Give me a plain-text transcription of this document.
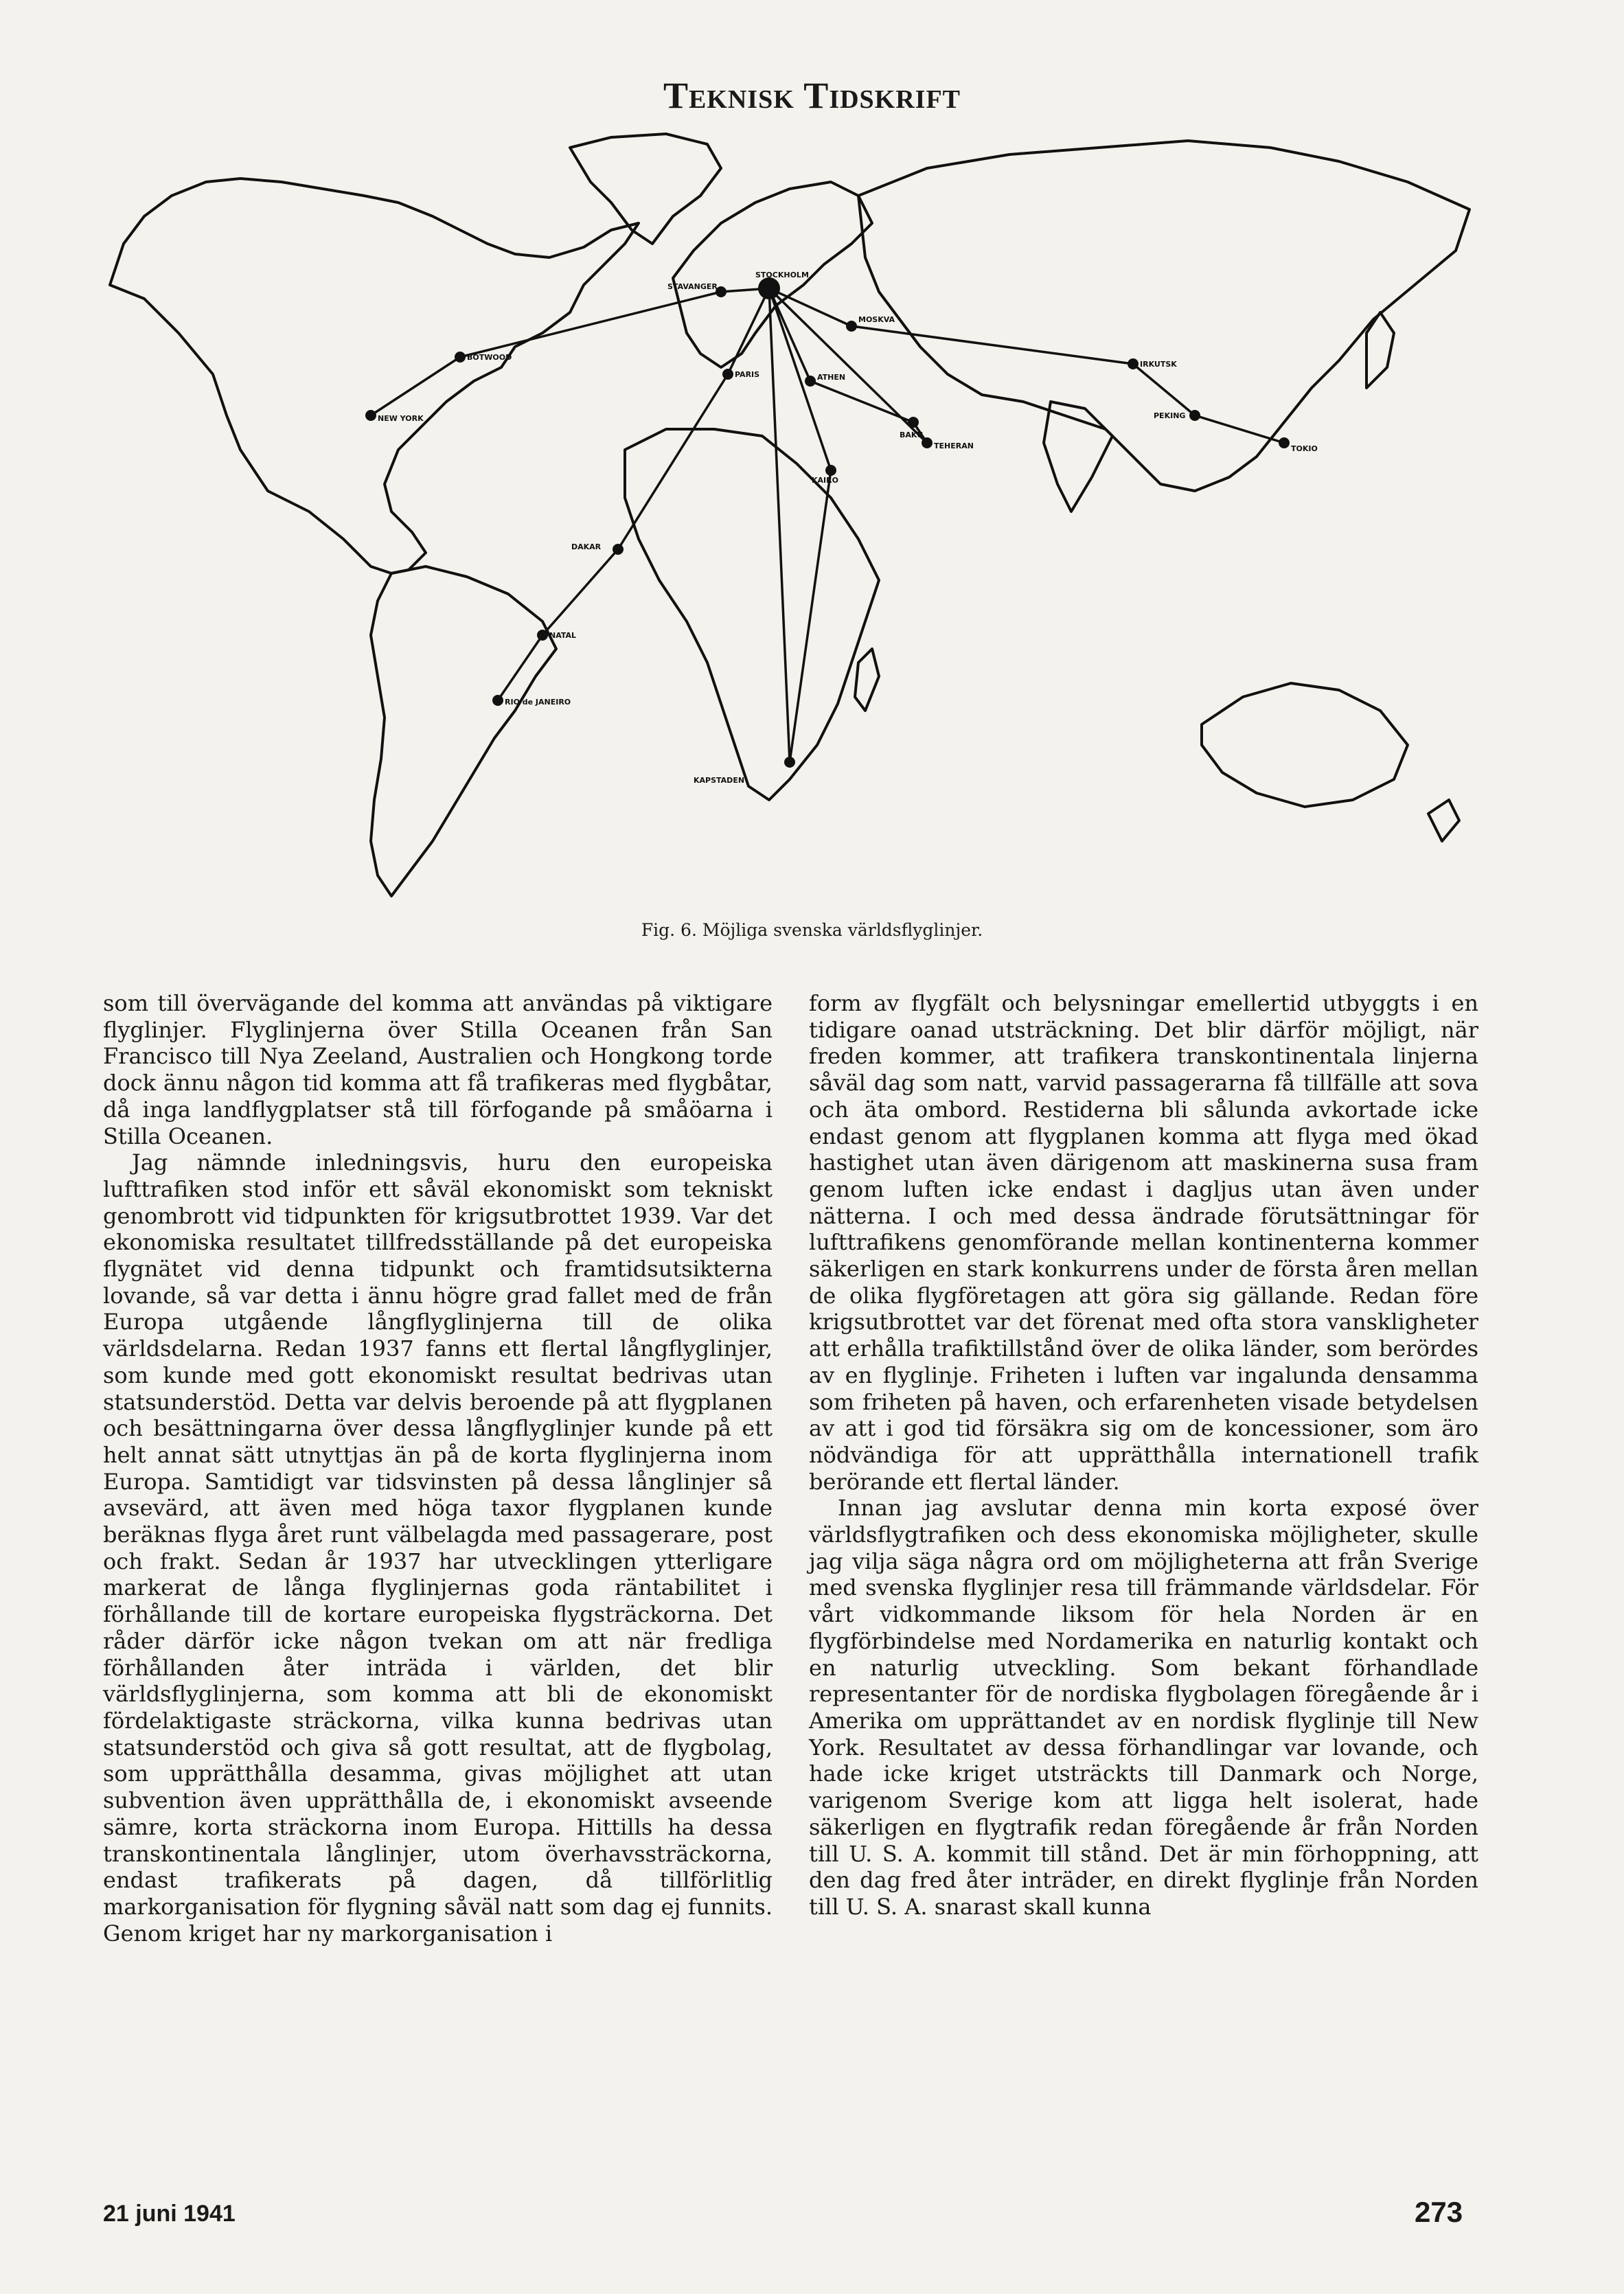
Teknisk Tidskrift
STOCKHOLM
STAVANGER
BOTWOOD
NEW YORK
PARIS
MOSKVA
IRKUTSK
PEKING
TOKIO
ATHEN
BAKU
TEHERAN
KAIRO
DAKAR
NATAL
RIO de JANEIRO
KAPSTADEN
Fig. 6. Möjliga svenska världsflyglinjer.

som till övervägande del komma att användas på viktigare flyglinjer. Flyglinjerna över Stilla Oceanen från San Francisco till Nya Zeeland, Australien och Hongkong torde dock ännu någon tid komma att få trafikeras med flygbåtar, då inga landflygplatser stå till förfogande på småöarna i Stilla Oceanen.

Jag nämnde inledningsvis, huru den europeiska lufttrafiken stod inför ett såväl ekonomiskt som tekniskt genombrott vid tidpunkten för krigsutbrottet 1939. Var det ekonomiska resultatet tillfredsställande på det europeiska flygnätet vid denna tidpunkt och framtidsutsikterna lovande, så var detta i ännu högre grad fallet med de från Europa utgående långflyglinjerna till de olika världsdelarna. Redan 1937 fanns ett flertal långflyglinjer, som kunde med gott ekonomiskt resultat bedrivas utan statsunderstöd. Detta var delvis beroende på att flygplanen och besättningarna över dessa långflyglinjer kunde på ett helt annat sätt utnyttjas än på de korta flyglinjerna inom Europa. Samtidigt var tidsvinsten på dessa långlinjer så avsevärd, att även med höga taxor flygplanen kunde beräknas flyga året runt välbelagda med passagerare, post och frakt. Sedan år 1937 har utvecklingen ytterligare markerat de långa flyglinjernas goda räntabilitet i förhållande till de kortare europeiska flygsträckorna. Det råder därför icke någon tvekan om att när fredliga förhållanden åter inträda i världen, det blir världsflyglinjerna, som komma att bli de ekonomiskt fördelaktigaste sträckorna, vilka kunna bedrivas utan statsunderstöd och giva så gott resultat, att de flygbolag, som upprätthålla desamma, givas möjlighet att utan subvention även upprätthålla de, i ekonomiskt avseende sämre, korta sträckorna inom Europa. Hittills ha dessa transkontinentala långlinjer, utom överhavssträckorna, endast trafikerats på dagen, då tillförlitlig markorganisation för flygning såväl natt som dag ej funnits. Genom kriget har ny markorganisation i

form av flygfält och belysningar emellertid utbyggts i en tidigare oanad utsträckning. Det blir därför möjligt, när freden kommer, att trafikera transkontinentala linjerna såväl dag som natt, varvid passagerarna få tillfälle att sova och äta ombord. Restiderna bli sålunda avkortade icke endast genom att flygplanen komma att flyga med ökad hastighet utan även därigenom att maskinerna susa fram genom luften icke endast i dagljus utan även under nätterna. I och med dessa ändrade förutsättningar för lufttrafikens genomförande mellan kontinenterna kommer säkerligen en stark konkurrens under de första åren mellan de olika flygföretagen att göra sig gällande. Redan före krigsutbrottet var det förenat med ofta stora vanskligheter att erhålla trafiktillstånd över de olika länder, som berördes av en flyglinje. Friheten i luften var ingalunda densamma som friheten på haven, och erfarenheten visade betydelsen av att i god tid försäkra sig om de koncessioner, som äro nödvändiga för att upprätthålla internationell trafik berörande ett flertal länder.

Innan jag avslutar denna min korta exposé över världsflygtrafiken och dess ekonomiska möjligheter, skulle jag vilja säga några ord om möjligheterna att från Sverige med svenska flyglinjer resa till främmande världsdelar. För vårt vidkommande liksom för hela Norden är en flygförbindelse med Nordamerika en naturlig kontakt och en naturlig utveckling. Som bekant förhandlade representanter för de nordiska flygbolagen föregående år i Amerika om upprättandet av en nordisk flyglinje till New York. Resultatet av dessa förhandlingar var lovande, och hade icke kriget utsträckts till Danmark och Norge, varigenom Sverige kom att ligga helt isolerat, hade säkerligen en flygtrafik redan föregående år från Norden till U. S. A. kommit till stånd. Det är min förhoppning, att den dag fred åter inträder, en direkt flyglinje från Norden till U. S. A. snarast skall kunna

21 juni 1941	273
